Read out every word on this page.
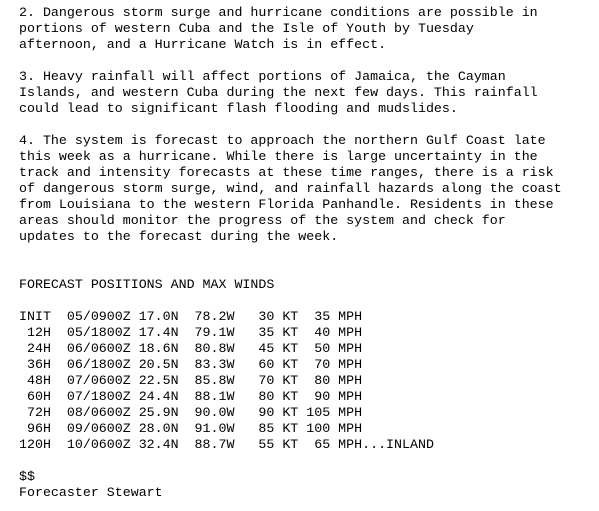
2. Dangerous storm surge and hurricane conditions are possible in
portions of western Cuba and the Isle of Youth by Tuesday
afternoon, and a Hurricane Watch is in effect.
3. Heavy rainfall will affect portions of Jamaica, the Cayman
Islands, and western Cuba during the next few days. This rainfall
could lead to significant flash flooding and mudslides.
4. The system is forecast to approach the northern Gulf Coast late
this week as a hurricane. While there is large uncertainty in the
track and intensity forecasts at these time ranges, there is a risk
of dangerous storm surge, wind, and rainfall hazards along the coast
from Louisiana to the western Florida Panhandle. Residents in these
areas should monitor the progress of the system and check for
updates to the forecast during the week.
FORECAST POSITIONS AND MAX WINDS
INIT  05/0900Z 17.0N  78.2W   30 KT  35 MPH
12H  05/1800Z 17.4N  79.1W   35 KT  40 MPH
24H  06/0600Z 18.6N  80.8W   45 KT  50 MPH
36H  06/1800Z 20.5N  83.3W   60 KT  70 MPH
48H  07/0600Z 22.5N  85.8W   70 KT  80 MPH
60H  07/1800Z 24.4N  88.1W   80 KT  90 MPH
72H  08/0600Z 25.9N  90.0W   90 KT 105 MPH
96H  09/0600Z 28.0N  91.0W   85 KT 100 MPH
120H  10/0600Z 32.4N  88.7W   55 KT  65 MPH...INLAND
$$
Forecaster Stewart
